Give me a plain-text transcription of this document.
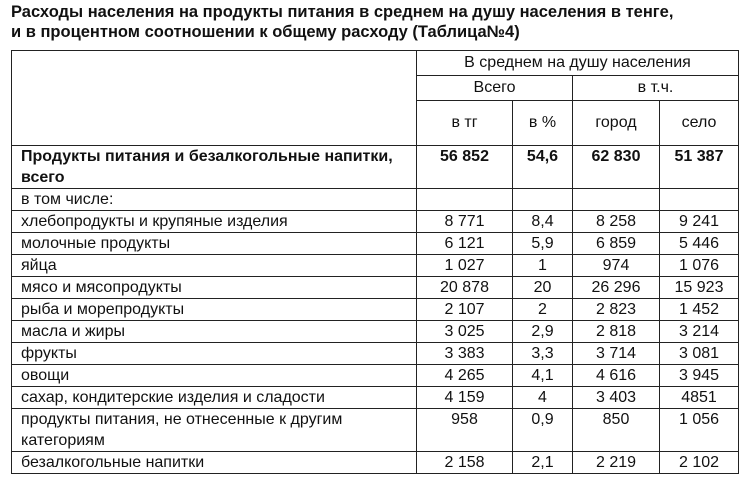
Расходы населения на продукты питания в среднем на душу населения в тенге,
и в процентном соотношении к общему расходу (Таблица№4)
	В среднем на душу населения			
	Всего		в т.ч.	
	в тг	в %	город	село
Продукты питания и безалкогольные напитки, всего	56 852	54,6	62 830	51 387
в том числе:				
хлебопродукты и крупяные изделия	8 771	8,4	8 258	9 241
молочные продукты	6 121	5,9	6 859	5 446
яйца	1 027	1	974	1 076
мясо и мясопродукты	20 878	20	26 296	15 923
рыба и морепродукты	2 107	2	2 823	1 452
масла и жиры	3 025	2,9	2 818	3 214
фрукты	3 383	3,3	3 714	3 081
овощи	4 265	4,1	4 616	3 945
сахар, кондитерские изделия и сладости	4 159	4	3 403	4851
продукты питания, не отнесенные к другим категориям	958	0,9	850	1 056
безалкогольные напитки	2 158	2,1	2 219	2 102
